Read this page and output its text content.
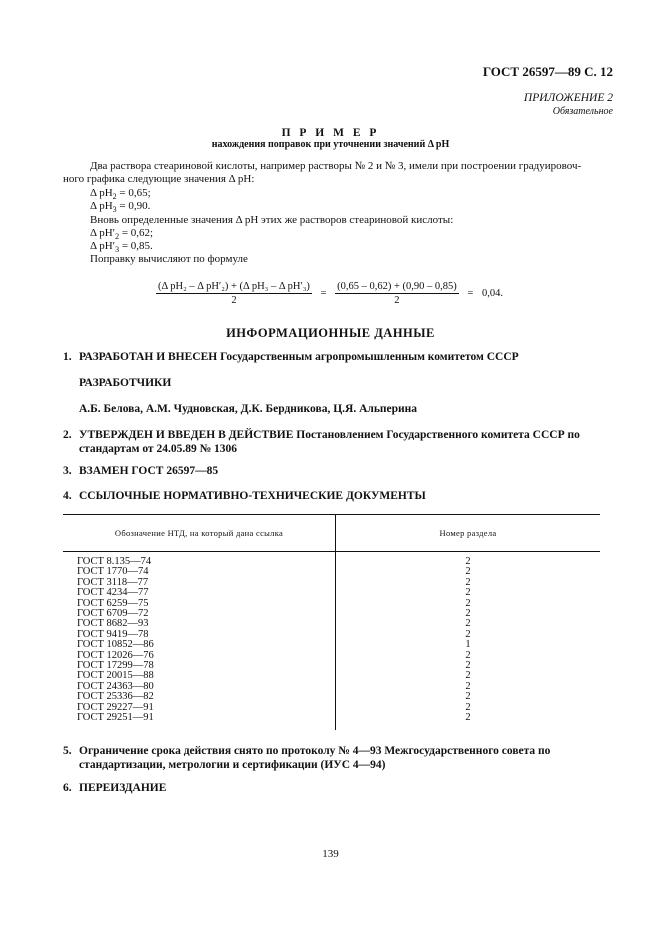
ГОСТ 26597—89 С. 12
ПРИЛОЖЕНИЕ 2
Обязательное
П Р И М Е Р
нахождения поправок при уточнении значений Δ pH
Два раствора стеариновой кислоты, например растворы № 2 и № 3, имели при построении градуировоч-
ного графика следующие значения Δ pH:
Δ $pH_2 = 0,65$;
Δ $pH_3 = 0,90$.
Вновь определенные значения Δ pH этих же растворов стеариновой кислоты:
Δ $pH'_2 = 0,62$;
Δ $pH'_3 = 0,85$.
Поправку вычисляют по формуле
$\frac{\text{(Δ pH₂ – Δ pH′₂) + (Δ pH₃ – Δ pH′₃)}}{2} = \frac{(0,65 - 0,62) + (0,90 - 0,85)}{2} = 0,04$.
ИНФОРМАЦИОННЫЕ ДАННЫЕ
1. РАЗРАБОТАН И ВНЕСЕН Государственным агропромышленным комитетом СССР
РАЗРАБОТЧИКИ
А.Б. Белова, А.М. Чудновская, Д.К. Бердникова, Ц.Я. Альперина
2. УТВЕРЖДЕН И ВВЕДЕН В ДЕЙСТВИЕ Постановлением Государственного комитета СССР по стандартам от 24.05.89 № 1306
3. ВЗАМЕН ГОСТ 26597—85
4. ССЫЛОЧНЫЕ НОРМАТИВНО-ТЕХНИЧЕСКИЕ ДОКУМЕНТЫ
Обозначение НТД, на который дана ссылка	Номер раздела
ГОСТ 8.135—74	2
ГОСТ 1770—74	2
ГОСТ 3118—77	2
ГОСТ 4234—77	2
ГОСТ 6259—75	2
ГОСТ 6709—72	2
ГОСТ 8682—93	2
ГОСТ 9419—78	2
ГОСТ 10852—86	1
ГОСТ 12026—76	2
ГОСТ 17299—78	2
ГОСТ 20015—88	2
ГОСТ 24363—80	2
ГОСТ 25336—82	2
ГОСТ 29227—91	2
ГОСТ 29251—91	2
5. Ограничение срока действия снято по протоколу № 4—93 Межгосударственного совета по стандартизации, метрологии и сертификации (ИУС 4—94)
6. ПЕРЕИЗДАНИЕ
139
